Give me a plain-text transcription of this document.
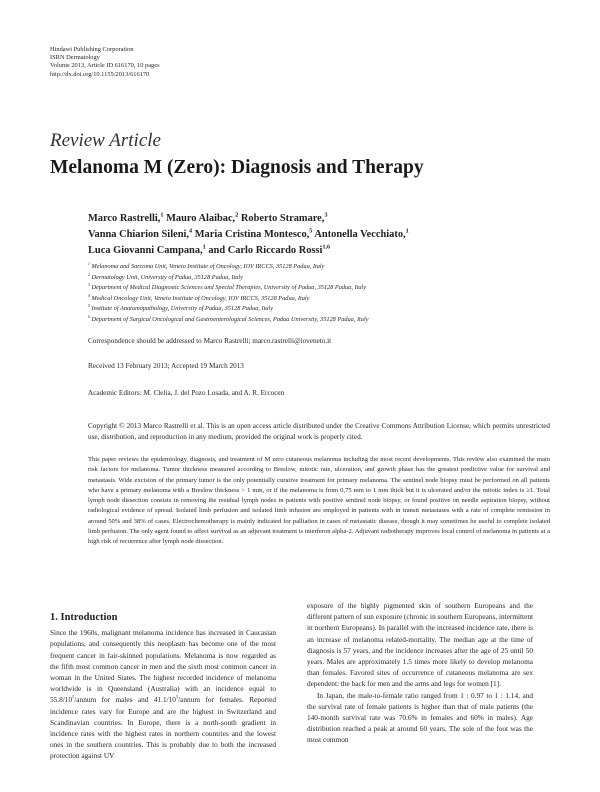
Hindawi Publishing Corporation
ISRN Dermatology
Volume 2013, Article ID 616170, 10 pages
http://dx.doi.org/10.1155/2013/616170
Review Article
Melanoma M (Zero): Diagnosis and Therapy
Marco Rastrelli,$^1$ Mauro Alaibac,$^2$ Roberto Stramare,$^3$
Vanna Chiarion Sileni,$^4$ Maria Cristina Montesco,$^5$ Antonella Vecchiato,$^1$
Luca Giovanni Campana,$^1$ and Carlo Riccardo Rossi$^{1,6}$
$^1$ Melanoma and Sarcoma Unit, Veneto Institute of Oncology, IOV IRCCS, 35128 Padua, Italy
$^2$ Dermatology Unit, University of Padua, 35128 Padua, Italy
$^3$ Department of Medical Diagnostic Sciences and Special Therapies, University of Padua, 35128 Padua, Italy
$^4$ Medical Oncology Unit, Veneto Institute of Oncology, IOV IRCCS, 35128 Padua, Italy
$^5$ Institute of Anatomopathology, University of Padua, 35128 Padua, Italy
$^6$ Department of Surgical Oncological and Gastroenterological Sciences, Padua University, 35128 Padua, Italy
Correspondence should be addressed to Marco Rastrelli; marco.rastrelli@ioveneto.it
Received 13 February 2013; Accepted 19 March 2013
Academic Editors: M. Clelia, J. del Pozo Losada, and A. R. Ercocen
Copyright © 2013 Marco Rastrelli et al. This is an open access article distributed under the Creative Commons Attribution License, which permits unrestricted use, distribution, and reproduction in any medium, provided the original work is properly cited.
This paper reviews the epidemiology, diagnosis, and treatment of M zero cutaneous melanoma including the most recent developments. This review also examined the main risk factors for melanoma. Tumor thickness measured according to Breslow, mitotic rate, ulceration, and growth phase has the greatest predictive value for survival and metastasis. Wide excision of the primary tumor is the only potentially curative treatment for primary melanoma. The sentinel node biopsy must be performed on all patients who have a primary melanoma with a Breslow thickness > 1 mm, or if the melanoma is from 0,75 mm to 1 mm thick but it is ulcerated and/or the mitotic index is ≥1. Total lymph node dissection consists in removing the residual lymph nodes in patients with positive sentinel node biopsy, or found positive on needle aspiration biopsy, without radiological evidence of spread. Isolated limb perfusion and isolated limb infusion are employed in patients with in transit metastases with a rate of complete remission in around 50% and 38% of cases. Electrochemotherapy is mainly indicated for palliation in cases of metastatic disease, though it may sometimes be useful to complete isolated limb perfusion. The only agent found to affect survival as an adjuvant treatment is interferon alpha-2. Adjuvant radiotherapy improves local control of melanoma in patients at a high risk of recurrence after lymph node dissection.
1. Introduction

Since the 1960s, malignant melanoma incidence has increased in Caucasian populations, and consequently this neoplasm has become one of the most frequent cancer in fair-skinned populations. Melanoma is now regarded as the fifth most common cancer in men and the sixth most common cancer in woman in the United States. The highest recorded incidence of melanoma worldwide is in Queensland (Australia) with an incidence equal to $55.8/10^5$/annum for males and $41.1/10^5$/annum for females. Reported incidence rates vary for Europe and are the highest in Switzerland and Scandinavian countries. In Europe, there is a north-south gradient in incidence rates with the highest rates in northern countries and the lowest ones in the southern countries. This is probably due to both the increased protection against UV

exposure of the highly pigmented skin of southern Europeans and the different pattern of sun exposure (chronic in southern Europeans, intermittent in northern Europeans). In parallel with the increased incidence rate, there is an increase of melanoma related-mortality. The median age at the time of diagnosis is 57 years, and the incidence increases after the age of 25 until 50 years. Males are approximately 1.5 times more likely to develop melanoma than females. Favored sites of occurrence of cutaneous melanoma are sex dependent: the back for men and the arms and legs for women [1].

In Japan, the male-to-female ratio ranged from 1 : 0.97 to 1 : 1.14, and the survival rate of female patients is higher than that of male patients (the 140-month survival rate was 70.6% in females and 60% in males). Age distribution reached a peak at around 60 years. The sole of the foot was the most common
